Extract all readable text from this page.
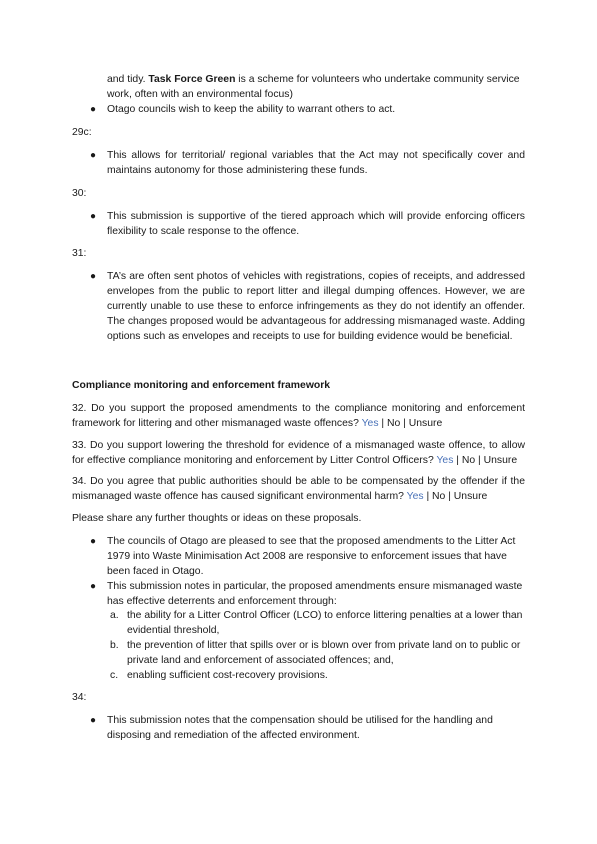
and tidy. Task Force Green is a scheme for volunteers who undertake community service
work, often with an environmental focus)
● Otago councils wish to keep the ability to warrant others to act.
29c:
● This allows for territorial/ regional variables that the Act may not specifically cover and maintains autonomy for those administering these funds.
30:
● This submission is supportive of the tiered approach which will provide enforcing officers flexibility to scale response to the offence.
31:
● TA’s are often sent photos of vehicles with registrations, copies of receipts, and addressed envelopes from the public to report litter and illegal dumping offences. However, we are currently unable to use these to enforce infringements as they do not identify an offender. The changes proposed would be advantageous for addressing mismanaged waste. Adding options such as envelopes and receipts to use for building evidence would be beneficial.
Compliance monitoring and enforcement framework
32. Do you support the proposed amendments to the compliance monitoring and enforcement framework for littering and other mismanaged waste offences? Yes | No | Unsure
33. Do you support lowering the threshold for evidence of a mismanaged waste offence, to allow for effective compliance monitoring and enforcement by Litter Control Officers? Yes | No | Unsure
34. Do you agree that public authorities should be able to be compensated by the offender if the mismanaged waste offence has caused significant environmental harm? Yes | No | Unsure
Please share any further thoughts or ideas on these proposals.
● The councils of Otago are pleased to see that the proposed amendments to the Litter Act 1979 into Waste Minimisation Act 2008 are responsive to enforcement issues that have been faced in Otago.
● This submission notes in particular, the proposed amendments ensure mismanaged waste has effective deterrents and enforcement through:
a. the ability for a Litter Control Officer (LCO) to enforce littering penalties at a lower than evidential threshold,
b. the prevention of litter that spills over or is blown over from private land on to public or private land and enforcement of associated offences; and,
c. enabling sufficient cost-recovery provisions.
34:
● This submission notes that the compensation should be utilised for the handling and disposing and remediation of the affected environment.
